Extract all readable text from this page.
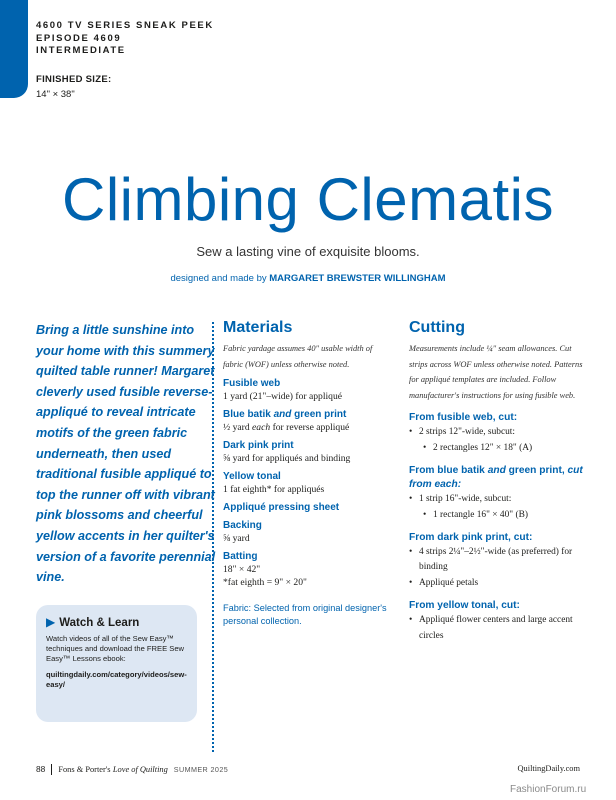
4600 TV SERIES SNEAK PEEK
EPISODE 4609
INTERMEDIATE
FINISHED SIZE:
14" × 38"
Climbing Clematis
Sew a lasting vine of exquisite blooms.
designed and made by MARGARET BREWSTER WILLINGHAM
Bring a little sunshine into your home with this summery quilted table runner! Margaret cleverly used fusible reverse-appliqué to reveal intricate motifs of the green fabric underneath, then used traditional fusible appliqué to top the runner off with vibrant pink blossoms and cheerful yellow accents in her quilter's version of a favorite perennial vine.
▶ Watch & Learn
Watch videos of all of the Sew Easy™ techniques and download the FREE Sew Easy™ Lessons ebook:
quiltingdaily.com/category/videos/sew-easy/
Materials
Fabric yardage assumes 40" usable width of fabric (WOF) unless otherwise noted.
Fusible web
1 yard (21"–wide) for appliqué
Blue batik and green print
½ yard each for reverse appliqué
Dark pink print
⅝ yard for appliqués and binding
Yellow tonal
1 fat eighth* for appliqués
Appliqué pressing sheet
Backing
⅝ yard
Batting
18" × 42"
*fat eighth = 9" × 20"
Fabric: Selected from original designer's personal collection.
Cutting
Measurements include ¼" seam allowances. Cut strips across WOF unless otherwise noted. Patterns for appliqué templates are included. Follow manufacturer's instructions for using fusible web.
From fusible web, cut:
• 2 strips 12"-wide, subcut:
• 2 rectangles 12" × 18" (A)
From blue batik and green print, cut from each:
• 1 strip 16"-wide, subcut:
• 1 rectangle 16" × 40" (B)
From dark pink print, cut:
• 4 strips 2¼"–2½"-wide (as preferred) for binding
• Appliqué petals
From yellow tonal, cut:
• Appliqué flower centers and large accent circles
88 Fons & Porter's Love of Quilting SUMMER 2025	QuiltingDaily.com
FashionForum.ru
